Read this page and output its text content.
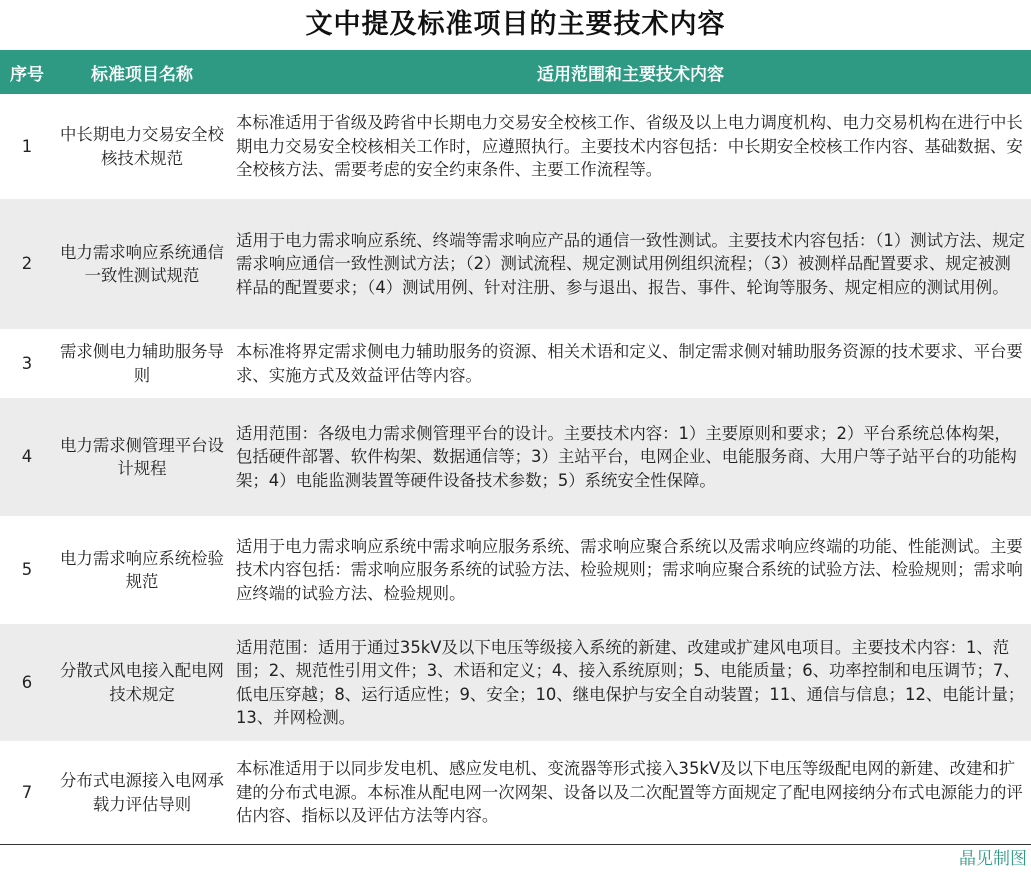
文中提及标准项目的主要技术内容
序号	标准项目名称	适用范围和主要技术内容
1	中长期电力交易安全校核技术规范	本标准适用于省级及跨省中长期电力交易安全校核工作、省级及以上电力调度机构、电力交易机构在进行中长期电力交易安全校核相关工作时，应遵照执行。主要技术内容包括：中长期安全校核工作内容、基础数据、安全校核方法、需要考虑的安全约束条件、主要工作流程等。
2	电力需求响应系统通信一致性测试规范	适用于电力需求响应系统、终端等需求响应产品的通信一致性测试。主要技术内容包括：（1）测试方法、规定需求响应通信一致性测试方法；（2）测试流程、规定测试用例组织流程；（3）被测样品配置要求、规定被测样品的配置要求；（4）测试用例、针对注册、参与退出、报告、事件、轮询等服务、规定相应的测试用例。
3	需求侧电力辅助服务导则	本标准将界定需求侧电力辅助服务的资源、相关术语和定义、制定需求侧对辅助服务资源的技术要求、平台要求、实施方式及效益评估等内容。
4	电力需求侧管理平台设计规程	适用范围：各级电力需求侧管理平台的设计。主要技术内容：1）主要原则和要求；2）平台系统总体构架，包括硬件部署、软件构架、数据通信等；3）主站平台，电网企业、电能服务商、大用户等子站平台的功能构架；4）电能监测装置等硬件设备技术参数；5）系统安全性保障。
5	电力需求响应系统检验规范	适用于电力需求响应系统中需求响应服务系统、需求响应聚合系统以及需求响应终端的功能、性能测试。主要技术内容包括：需求响应服务系统的试验方法、检验规则；需求响应聚合系统的试验方法、检验规则；需求响应终端的试验方法、检验规则。
6	分散式风电接入配电网技术规定	适用范围：适用于通过35kV及以下电压等级接入系统的新建、改建或扩建风电项目。主要技术内容：1、范围；2、规范性引用文件；3、术语和定义；4、接入系统原则；5、电能质量；6、功率控制和电压调节；7、低电压穿越；8、运行适应性；9、安全；10、继电保护与安全自动装置；11、通信与信息；12、电能计量；13、并网检测。
7	分布式电源接入电网承载力评估导则	本标准适用于以同步发电机、感应发电机、变流器等形式接入35kV及以下电压等级配电网的新建、改建和扩建的分布式电源。本标准从配电网一次网架、设备以及二次配置等方面规定了配电网接纳分布式电源能力的评估内容、指标以及评估方法等内容。
晶见制图
